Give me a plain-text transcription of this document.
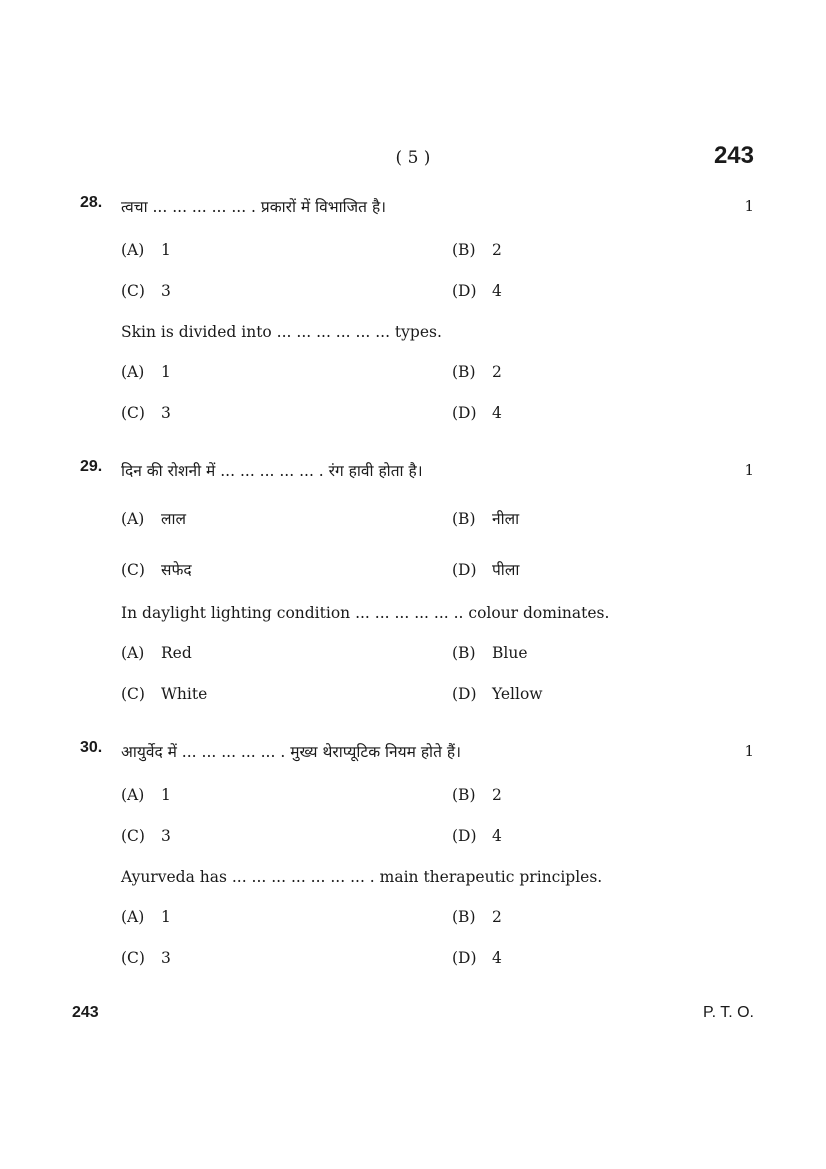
( 5 )	243
28. त्वचा ... ... ... ... ... . प्रकारों में विभाजित है।	1
(A) 1	(B) 2
(C) 3	(D) 4
Skin is divided into ... ... ... ... ... ... types.
(A) 1	(B) 2
(C) 3	(D) 4
29. दिन की रोशनी में ... ... ... ... ... . रंग हावी होता है।	1
(A) लाल	(B) नीला
(C) सफेद	(D) पीला
In daylight lighting condition ... ... ... ... ... .. colour dominates.
(A) Red	(B) Blue
(C) White	(D) Yellow
30. आयुर्वेद में ... ... ... ... ... . मुख्य थेराप्यूटिक नियम होते हैं।	1
(A) 1	(B) 2
(C) 3	(D) 4
Ayurveda has ... ... ... ... ... ... ... . main therapeutic principles.
(A) 1	(B) 2
(C) 3	(D) 4
243	P. T. O.
